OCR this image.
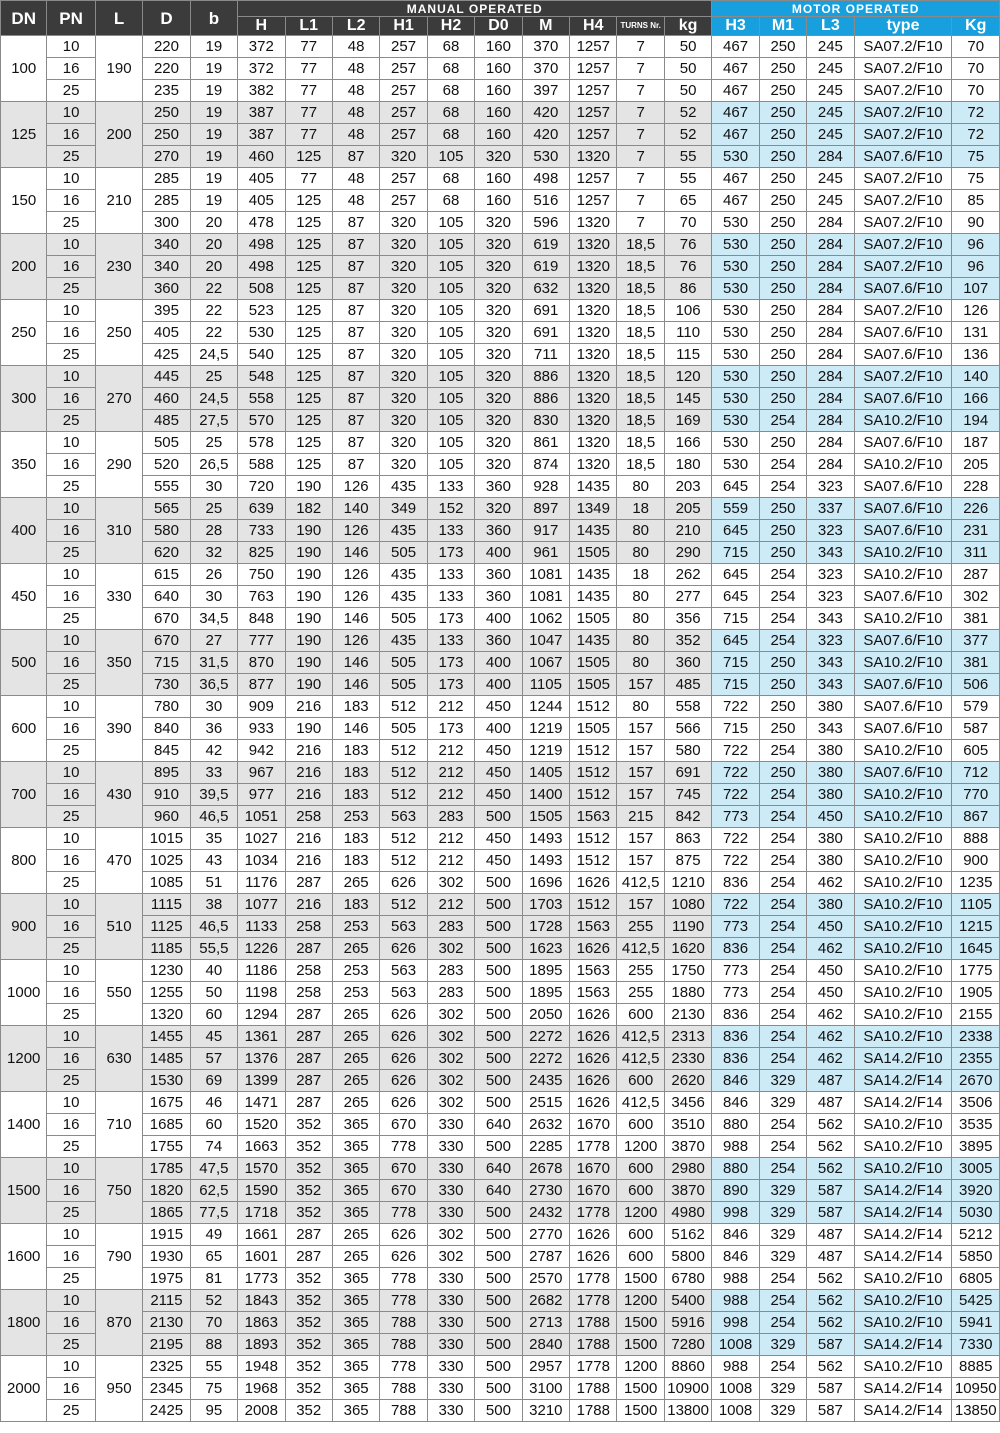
DN	PN	L	D	b	MANUAL OPERATED										MOTOR OPERATED				
					H	L1	L2	H1	H2	D0	M	H4	TURNS Nr.	kg	H3	M1	L3	type	Kg
100	10	190	220	19	372	77	48	257	68	160	370	1257	7	50	467	250	245	SA07.2/F10	70
	16		220	19	372	77	48	257	68	160	370	1257	7	50	467	250	245	SA07.2/F10	70
	25		235	19	382	77	48	257	68	160	397	1257	7	50	467	250	245	SA07.2/F10	70
125	10	200	250	19	387	77	48	257	68	160	420	1257	7	52	467	250	245	SA07.2/F10	72
	16		250	19	387	77	48	257	68	160	420	1257	7	52	467	250	245	SA07.2/F10	72
	25		270	19	460	125	87	320	105	320	530	1320	7	55	530	250	284	SA07.6/F10	75
150	10	210	285	19	405	77	48	257	68	160	498	1257	7	55	467	250	245	SA07.2/F10	75
	16		285	19	405	125	48	257	68	160	516	1257	7	65	467	250	245	SA07.2/F10	85
	25		300	20	478	125	87	320	105	320	596	1320	7	70	530	250	284	SA07.2/F10	90
200	10	230	340	20	498	125	87	320	105	320	619	1320	18,5	76	530	250	284	SA07.2/F10	96
	16		340	20	498	125	87	320	105	320	619	1320	18,5	76	530	250	284	SA07.2/F10	96
	25		360	22	508	125	87	320	105	320	632	1320	18,5	86	530	250	284	SA07.6/F10	107
250	10	250	395	22	523	125	87	320	105	320	691	1320	18,5	106	530	250	284	SA07.2/F10	126
	16		405	22	530	125	87	320	105	320	691	1320	18,5	110	530	250	284	SA07.6/F10	131
	25		425	24,5	540	125	87	320	105	320	711	1320	18,5	115	530	250	284	SA07.6/F10	136
300	10	270	445	25	548	125	87	320	105	320	886	1320	18,5	120	530	250	284	SA07.2/F10	140
	16		460	24,5	558	125	87	320	105	320	886	1320	18,5	145	530	250	284	SA07.6/F10	166
	25		485	27,5	570	125	87	320	105	320	830	1320	18,5	169	530	254	284	SA10.2/F10	194
350	10	290	505	25	578	125	87	320	105	320	861	1320	18,5	166	530	250	284	SA07.6/F10	187
	16		520	26,5	588	125	87	320	105	320	874	1320	18,5	180	530	254	284	SA10.2/F10	205
	25		555	30	720	190	126	435	133	360	928	1435	80	203	645	254	323	SA07.6/F10	228
400	10	310	565	25	639	182	140	349	152	320	897	1349	18	205	559	250	337	SA07.6/F10	226
	16		580	28	733	190	126	435	133	360	917	1435	80	210	645	250	323	SA07.6/F10	231
	25		620	32	825	190	146	505	173	400	961	1505	80	290	715	250	343	SA10.2/F10	311
450	10	330	615	26	750	190	126	435	133	360	1081	1435	18	262	645	254	323	SA10.2/F10	287
	16		640	30	763	190	126	435	133	360	1081	1435	80	277	645	254	323	SA07.6/F10	302
	25		670	34,5	848	190	146	505	173	400	1062	1505	80	356	715	254	343	SA10.2/F10	381
500	10	350	670	27	777	190	126	435	133	360	1047	1435	80	352	645	254	323	SA07.6/F10	377
	16		715	31,5	870	190	146	505	173	400	1067	1505	80	360	715	250	343	SA10.2/F10	381
	25		730	36,5	877	190	146	505	173	400	1105	1505	157	485	715	250	343	SA07.6/F10	506
600	10	390	780	30	909	216	183	512	212	450	1244	1512	80	558	722	250	380	SA07.6/F10	579
	16		840	36	933	190	146	505	173	400	1219	1505	157	566	715	250	343	SA07.6/F10	587
	25		845	42	942	216	183	512	212	450	1219	1512	157	580	722	254	380	SA10.2/F10	605
700	10	430	895	33	967	216	183	512	212	450	1405	1512	157	691	722	250	380	SA07.6/F10	712
	16		910	39,5	977	216	183	512	212	450	1400	1512	157	745	722	254	380	SA10.2/F10	770
	25		960	46,5	1051	258	253	563	283	500	1505	1563	215	842	773	254	450	SA10.2/F10	867
800	10	470	1015	35	1027	216	183	512	212	450	1493	1512	157	863	722	254	380	SA10.2/F10	888
	16		1025	43	1034	216	183	512	212	450	1493	1512	157	875	722	254	380	SA10.2/F10	900
	25		1085	51	1176	287	265	626	302	500	1696	1626	412,5	1210	836	254	462	SA10.2/F10	1235
900	10	510	1115	38	1077	216	183	512	212	500	1703	1512	157	1080	722	254	380	SA10.2/F10	1105
	16		1125	46,5	1133	258	253	563	283	500	1728	1563	255	1190	773	254	450	SA10.2/F10	1215
	25		1185	55,5	1226	287	265	626	302	500	1623	1626	412,5	1620	836	254	462	SA10.2/F10	1645
1000	10	550	1230	40	1186	258	253	563	283	500	1895	1563	255	1750	773	254	450	SA10.2/F10	1775
	16		1255	50	1198	258	253	563	283	500	1895	1563	255	1880	773	254	450	SA10.2/F10	1905
	25		1320	60	1294	287	265	626	302	500	2050	1626	600	2130	836	254	462	SA10.2/F10	2155
1200	10	630	1455	45	1361	287	265	626	302	500	2272	1626	412,5	2313	836	254	462	SA10.2/F10	2338
	16		1485	57	1376	287	265	626	302	500	2272	1626	412,5	2330	836	254	462	SA14.2/F10	2355
	25		1530	69	1399	287	265	626	302	500	2435	1626	600	2620	846	329	487	SA14.2/F14	2670
1400	10	710	1675	46	1471	287	265	626	302	500	2515	1626	412,5	3456	846	329	487	SA14.2/F14	3506
	16		1685	60	1520	352	365	670	330	640	2632	1670	600	3510	880	254	562	SA10.2/F10	3535
	25		1755	74	1663	352	365	778	330	500	2285	1778	1200	3870	988	254	562	SA10.2/F10	3895
1500	10	750	1785	47,5	1570	352	365	670	330	640	2678	1670	600	2980	880	254	562	SA10.2/F10	3005
	16		1820	62,5	1590	352	365	670	330	640	2730	1670	600	3870	890	329	587	SA14.2/F14	3920
	25		1865	77,5	1718	352	365	778	330	500	2432	1778	1200	4980	998	329	587	SA14.2/F14	5030
1600	10	790	1915	49	1661	287	265	626	302	500	2770	1626	600	5162	846	329	487	SA14.2/F14	5212
	16		1930	65	1601	287	265	626	302	500	2787	1626	600	5800	846	329	487	SA14.2/F14	5850
	25		1975	81	1773	352	365	778	330	500	2570	1778	1500	6780	988	254	562	SA10.2/F10	6805
1800	10	870	2115	52	1843	352	365	778	330	500	2682	1778	1200	5400	988	254	562	SA10.2/F10	5425
	16		2130	70	1863	352	365	788	330	500	2713	1788	1500	5916	998	254	562	SA10.2/F10	5941
	25		2195	88	1893	352	365	788	330	500	2840	1788	1500	7280	1008	329	587	SA14.2/F14	7330
2000	10	950	2325	55	1948	352	365	778	330	500	2957	1778	1200	8860	988	254	562	SA10.2/F10	8885
	16		2345	75	1968	352	365	788	330	500	3100	1788	1500	10900	1008	329	587	SA14.2/F14	10950
	25		2425	95	2008	352	365	788	330	500	3210	1788	1500	13800	1008	329	587	SA14.2/F14	13850
